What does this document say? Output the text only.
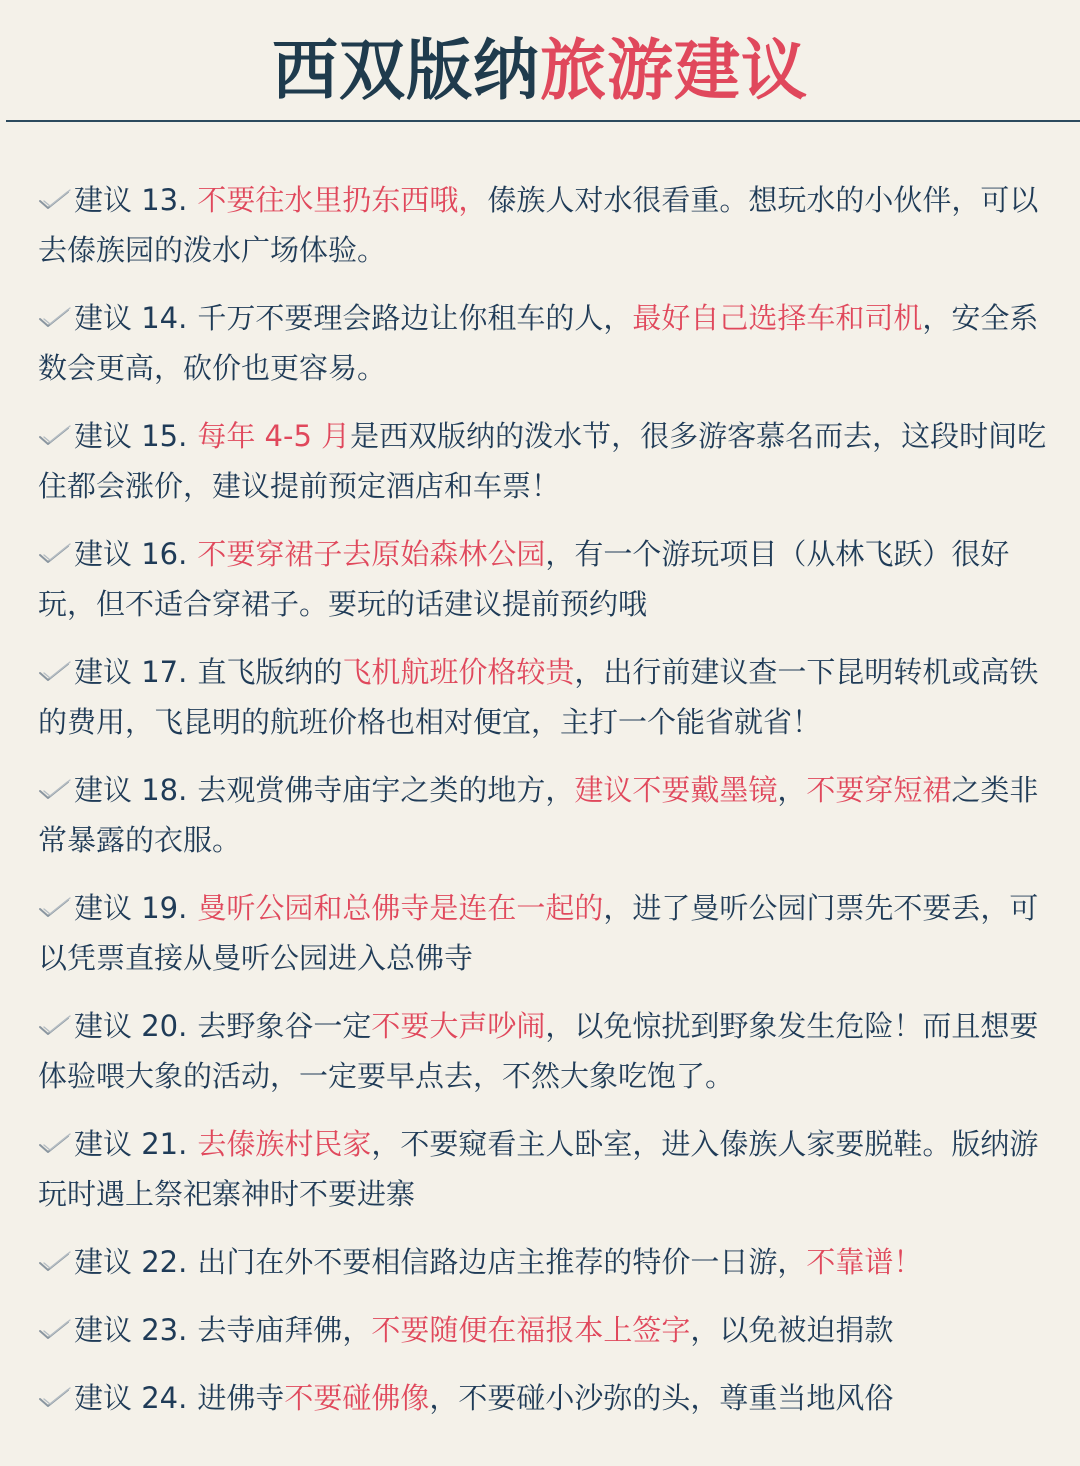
西双版纳旅游建议
建议 13. 不要往水里扔东西哦，傣族人对水很看重。想玩水的小伙伴，可以去傣族园的泼水广场体验。
建议 14. 千万不要理会路边让你租车的人，最好自己选择车和司机，安全系数会更高，砍价也更容易。
建议 15. 每年 4-5 月是西双版纳的泼水节，很多游客慕名而去，这段时间吃住都会涨价，建议提前预定酒店和车票！
建议 16. 不要穿裙子去原始森林公园，有一个游玩项目（从林飞跃）很好玩，但不适合穿裙子。要玩的话建议提前预约哦
建议 17. 直飞版纳的飞机航班价格较贵，出行前建议查一下昆明转机或高铁的费用，飞昆明的航班价格也相对便宜，主打一个能省就省！
建议 18. 去观赏佛寺庙宇之类的地方，建议不要戴墨镜，不要穿短裙之类非常暴露的衣服。
建议 19. 曼听公园和总佛寺是连在一起的，进了曼听公园门票先不要丢，可以凭票直接从曼听公园进入总佛寺
建议 20. 去野象谷一定不要大声吵闹，以免惊扰到野象发生危险！而且想要体验喂大象的活动，一定要早点去，不然大象吃饱了。
建议 21. 去傣族村民家，不要窥看主人卧室，进入傣族人家要脱鞋。版纳游玩时遇上祭祀寨神时不要进寨
建议 22. 出门在外不要相信路边店主推荐的特价一日游，不靠谱！
建议 23. 去寺庙拜佛，不要随便在福报本上签字，以免被迫捐款
建议 24. 进佛寺不要碰佛像，不要碰小沙弥的头，尊重当地风俗
